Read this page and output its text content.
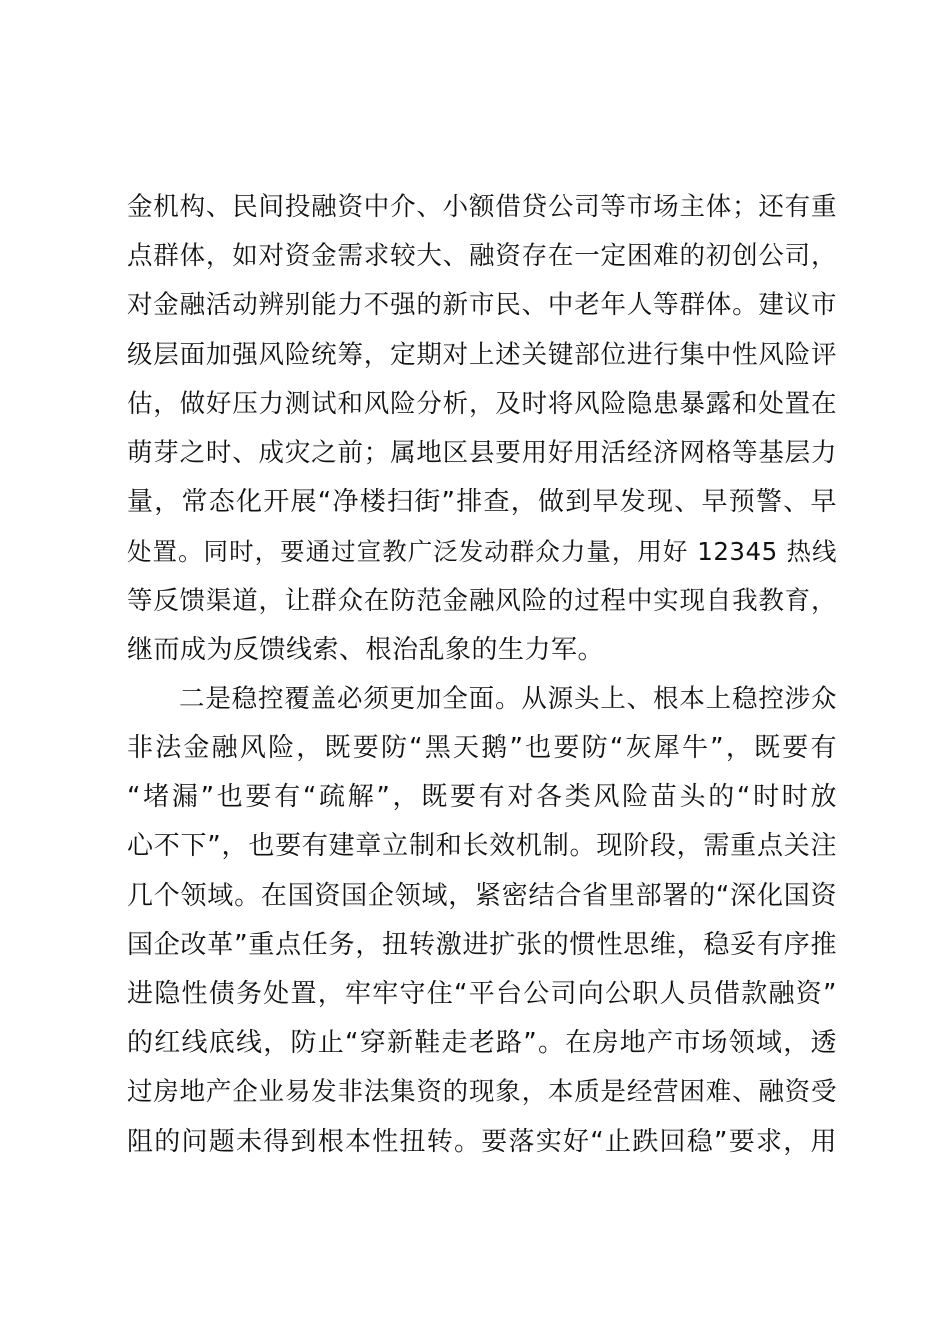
金机构、民间投融资中介、小额借贷公司等市场主体；还有重
点群体，如对资金需求较大、融资存在一定困难的初创公司，
对金融活动辨别能力不强的新市民、中老年人等群体。建议市
级层面加强风险统筹，定期对上述关键部位进行集中性风险评
估，做好压力测试和风险分析，及时将风险隐患暴露和处置在
萌芽之时、成灾之前；属地区县要用好用活经济网格等基层力
量，常态化开展“净楼扫街”排查，做到早发现、早预警、早
处置。同时，要通过宣教广泛发动群众力量，用好 12345 热线
等反馈渠道，让群众在防范金融风险的过程中实现自我教育，
继而成为反馈线索、根治乱象的生力军。
二是稳控覆盖必须更加全面。从源头上、根本上稳控涉众
非法金融风险，既要防“黑天鹅”也要防“灰犀牛”，既要有
“堵漏”也要有“疏解”，既要有对各类风险苗头的“时时放
心不下”，也要有建章立制和长效机制。现阶段，需重点关注
几个领域。在国资国企领域，紧密结合省里部署的“深化国资
国企改革”重点任务，扭转激进扩张的惯性思维，稳妥有序推
进隐性债务处置，牢牢守住“平台公司向公职人员借款融资”
的红线底线，防止“穿新鞋走老路”。在房地产市场领域，透
过房地产企业易发非法集资的现象，本质是经营困难、融资受
阻的问题未得到根本性扭转。要落实好“止跌回稳”要求，用
